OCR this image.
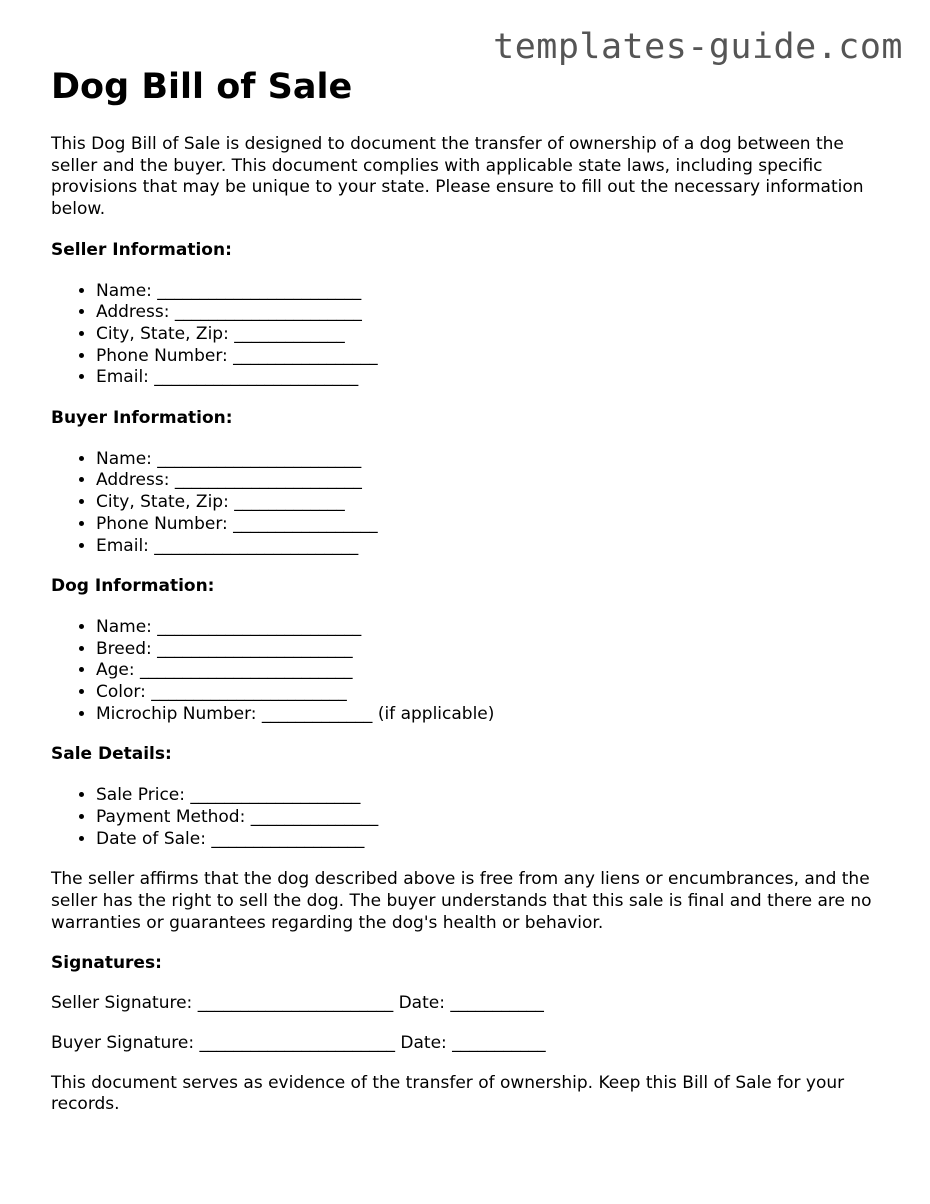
templates-guide.com
Dog Bill of Sale

This Dog Bill of Sale is designed to document the transfer of ownership of a dog between the seller and the buyer. This document complies with applicable state laws, including specific provisions that may be unique to your state. Please ensure to fill out the necessary information below.

Seller Information:
• Name: ________________________
• Address: ______________________
• City, State, Zip: _____________
• Phone Number: _________________
• Email: ________________________
Buyer Information:
• Name: ________________________
• Address: ______________________
• City, State, Zip: _____________
• Phone Number: _________________
• Email: ________________________
Dog Information:
• Name: ________________________
• Breed: _______________________
• Age: _________________________
• Color: _______________________
• Microchip Number: _____________ (if applicable)
Sale Details:
• Sale Price: ____________________
• Payment Method: _______________
• Date of Sale: __________________

The seller affirms that the dog described above is free from any liens or encumbrances, and the seller has the right to sell the dog. The buyer understands that this sale is final and there are no warranties or guarantees regarding the dog's health or behavior.

Signatures:

Seller Signature: _______________________ Date: ___________

Buyer Signature: _______________________ Date: ___________

This document serves as evidence of the transfer of ownership. Keep this Bill of Sale for your records.
